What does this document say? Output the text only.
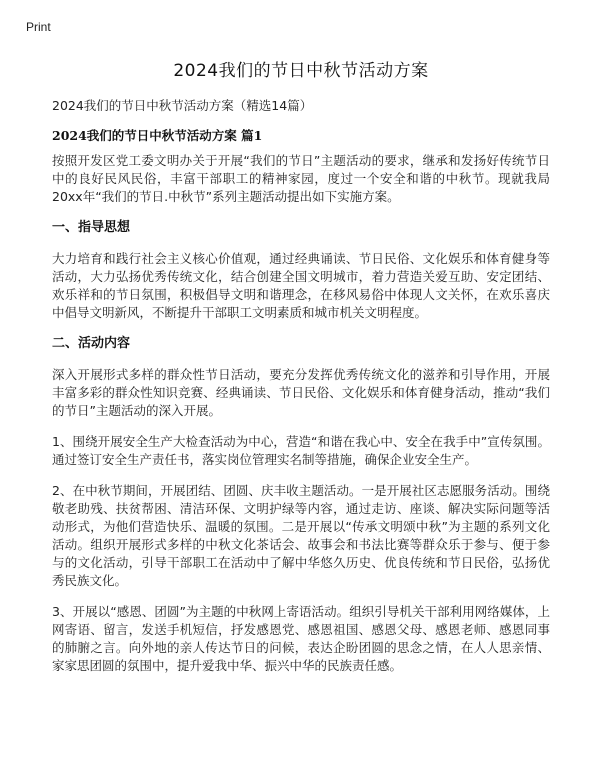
Print
2024我们的节日中秋节活动方案
2024我们的节日中秋节活动方案（精选14篇）
2024我们的节日中秋节活动方案 篇1

按照开发区党工委文明办关于开展“我们的节日”主题活动的要求，继承和发扬好传统节日中的良好民风民俗，丰富干部职工的精神家园，度过一个安全和谐的中秋节。现就我局20xx年“我们的节日.中秋节”系列主题活动提出如下实施方案。

一、指导思想

大力培育和践行社会主义核心价值观，通过经典诵读、节日民俗、文化娱乐和体育健身等活动，大力弘扬优秀传统文化，结合创建全国文明城市，着力营造关爱互助、安定团结、欢乐祥和的节日氛围，积极倡导文明和谐理念，在移风易俗中体现人文关怀，在欢乐喜庆中倡导文明新风，不断提升干部职工文明素质和城市机关文明程度。

二、活动内容

深入开展形式多样的群众性节日活动，要充分发挥优秀传统文化的滋养和引导作用，开展丰富多彩的群众性知识竞赛、经典诵读、节日民俗、文化娱乐和体育健身活动，推动“我们的节日”主题活动的深入开展。

1、围绕开展安全生产大检查活动为中心，营造“和谐在我心中、安全在我手中”宣传氛围。通过签订安全生产责任书，落实岗位管理实名制等措施，确保企业安全生产。

2、在中秋节期间，开展团结、团圆、庆丰收主题活动。一是开展社区志愿服务活动。围绕敬老助残、扶贫帮困、清洁环保、文明护绿等内容，通过走访、座谈、解决实际问题等活动形式，为他们营造快乐、温暖的氛围。二是开展以“传承文明颂中秋”为主题的系列文化活动。组织开展形式多样的中秋文化茶话会、故事会和书法比赛等群众乐于参与、便于参与的文化活动，引导干部职工在活动中了解中华悠久历史、优良传统和节日民俗，弘扬优秀民族文化。

3、开展以“感恩、团圆”为主题的中秋网上寄语活动。组织引导机关干部利用网络媒体，上网寄语、留言，发送手机短信，抒发感恩党、感恩祖国、感恩父母、感恩老师、感恩同事的肺腑之言。向外地的亲人传达节日的问候，表达企盼团圆的思念之情，在人人思亲情、家家思团圆的氛围中，提升爱我中华、振兴中华的民族责任感。
